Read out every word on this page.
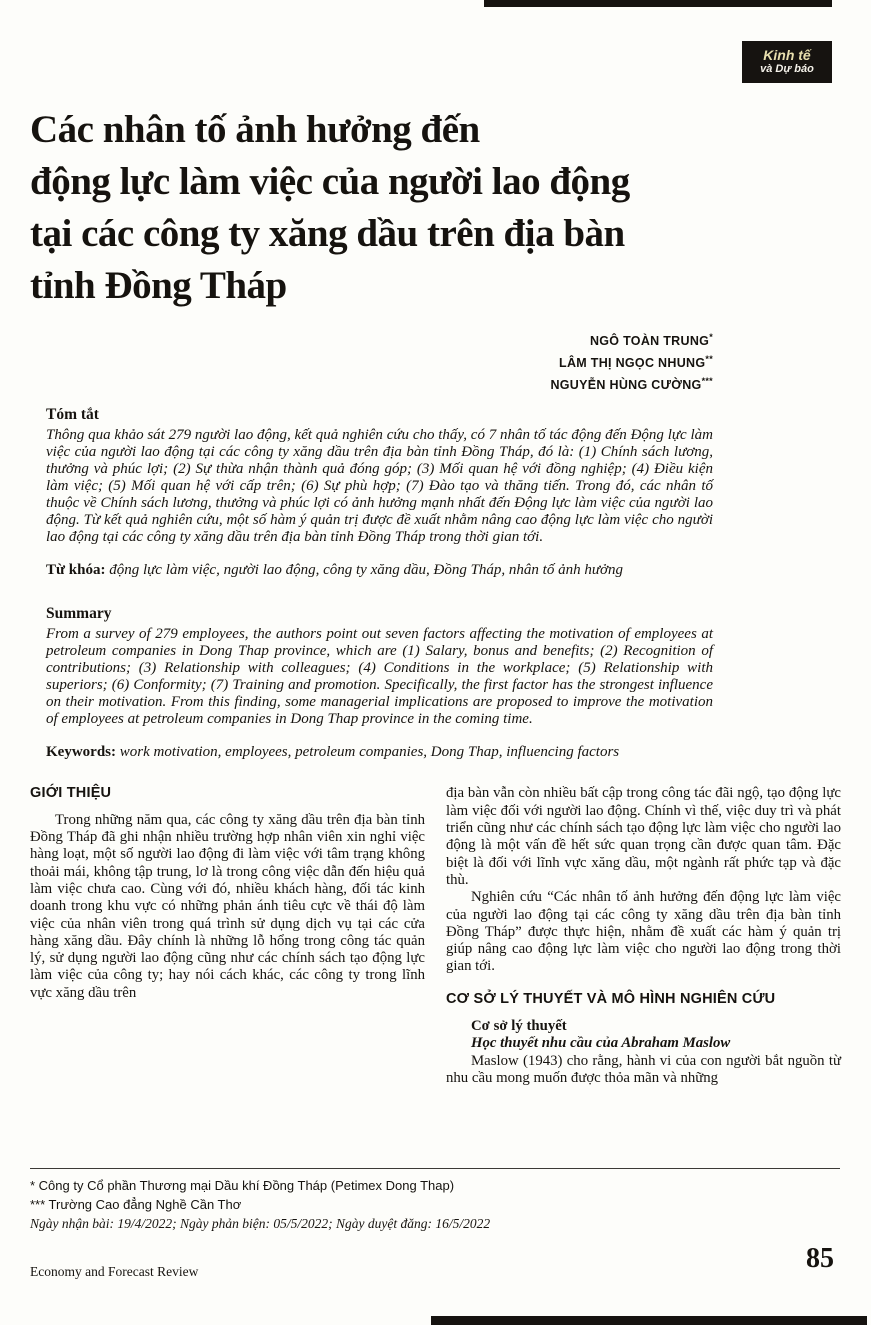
Kinh tế
và Dự báo
Các nhân tố ảnh hưởng đến
động lực làm việc của người lao động
tại các công ty xăng dầu trên địa bàn
tỉnh Đồng Tháp
NGÔ TOÀN TRUNG*
LÂM THỊ NGỌC NHUNG**
NGUYỄN HÙNG CƯỜNG***
Tóm tắt

Thông qua khảo sát 279 người lao động, kết quả nghiên cứu cho thấy, có 7 nhân tố tác động đến Động lực làm việc của người lao động tại các công ty xăng dầu trên địa bàn tỉnh Đồng Tháp, đó là: (1) Chính sách lương, thưởng và phúc lợi; (2) Sự thừa nhận thành quả đóng góp; (3) Mối quan hệ với đồng nghiệp; (4) Điều kiện làm việc; (5) Mối quan hệ với cấp trên; (6) Sự phù hợp; (7) Đào tạo và thăng tiến. Trong đó, các nhân tố thuộc về Chính sách lương, thưởng và phúc lợi có ảnh hưởng mạnh nhất đến Động lực làm việc của người lao động. Từ kết quả nghiên cứu, một số hàm ý quản trị được đề xuất nhằm nâng cao động lực làm việc cho người lao động tại các công ty xăng dầu trên địa bàn tỉnh Đồng Tháp trong thời gian tới.

Từ khóa: động lực làm việc, người lao động, công ty xăng dầu, Đồng Tháp, nhân tố ảnh hưởng

Summary

From a survey of 279 employees, the authors point out seven factors affecting the motivation of employees at petroleum companies in Dong Thap province, which are (1) Salary, bonus and benefits; (2) Recognition of contributions; (3) Relationship with colleagues; (4) Conditions in the workplace; (5) Relationship with superiors; (6) Conformity; (7) Training and promotion. Specifically, the first factor has the strongest influence on their motivation. From this finding, some managerial implications are proposed to improve the motivation of employees at petroleum companies in Dong Thap province in the coming time.

Keywords: work motivation, employees, petroleum companies, Dong Thap, influencing factors

GIỚI THIỆU

Trong những năm qua, các công ty xăng dầu trên địa bàn tỉnh Đồng Tháp đã ghi nhận nhiều trường hợp nhân viên xin nghỉ việc hàng loạt, một số người lao động đi làm việc với tâm trạng không thoải mái, không tập trung, lơ là trong công việc dẫn đến hiệu quả làm việc chưa cao. Cùng với đó, nhiều khách hàng, đối tác kinh doanh trong khu vực có những phản ánh tiêu cực về thái độ làm việc của nhân viên trong quá trình sử dụng dịch vụ tại các cửa hàng xăng dầu. Đây chính là những lỗ hổng trong công tác quản lý, sử dụng người lao động cũng như các chính sách tạo động lực làm việc của công ty; hay nói cách khác, các công ty trong lĩnh vực xăng dầu trên

địa bàn vẫn còn nhiều bất cập trong công tác đãi ngộ, tạo động lực làm việc đối với người lao động. Chính vì thế, việc duy trì và phát triển cũng như các chính sách tạo động lực làm việc cho người lao động là một vấn đề hết sức quan trọng cần được quan tâm. Đặc biệt là đối với lĩnh vực xăng dầu, một ngành rất phức tạp và đặc thù.

Nghiên cứu “Các nhân tố ảnh hưởng đến động lực làm việc của người lao động tại các công ty xăng dầu trên địa bàn tỉnh Đồng Tháp” được thực hiện, nhằm đề xuất các hàm ý quản trị giúp nâng cao động lực làm việc cho người lao động trong thời gian tới.

CƠ SỞ LÝ THUYẾT VÀ MÔ HÌNH NGHIÊN CỨU

Cơ sở lý thuyết

Học thuyết nhu cầu của Abraham Maslow

Maslow (1943) cho rằng, hành vi của con người bắt nguồn từ nhu cầu mong muốn được thỏa mãn và những

* Công ty Cổ phần Thương mại Dầu khí Đồng Tháp (Petimex Dong Thap)
*** Trường Cao đẳng Nghề Cần Thơ
Ngày nhận bài: 19/4/2022; Ngày phản biện: 05/5/2022; Ngày duyệt đăng: 16/5/2022
Economy and Forecast Review	85
